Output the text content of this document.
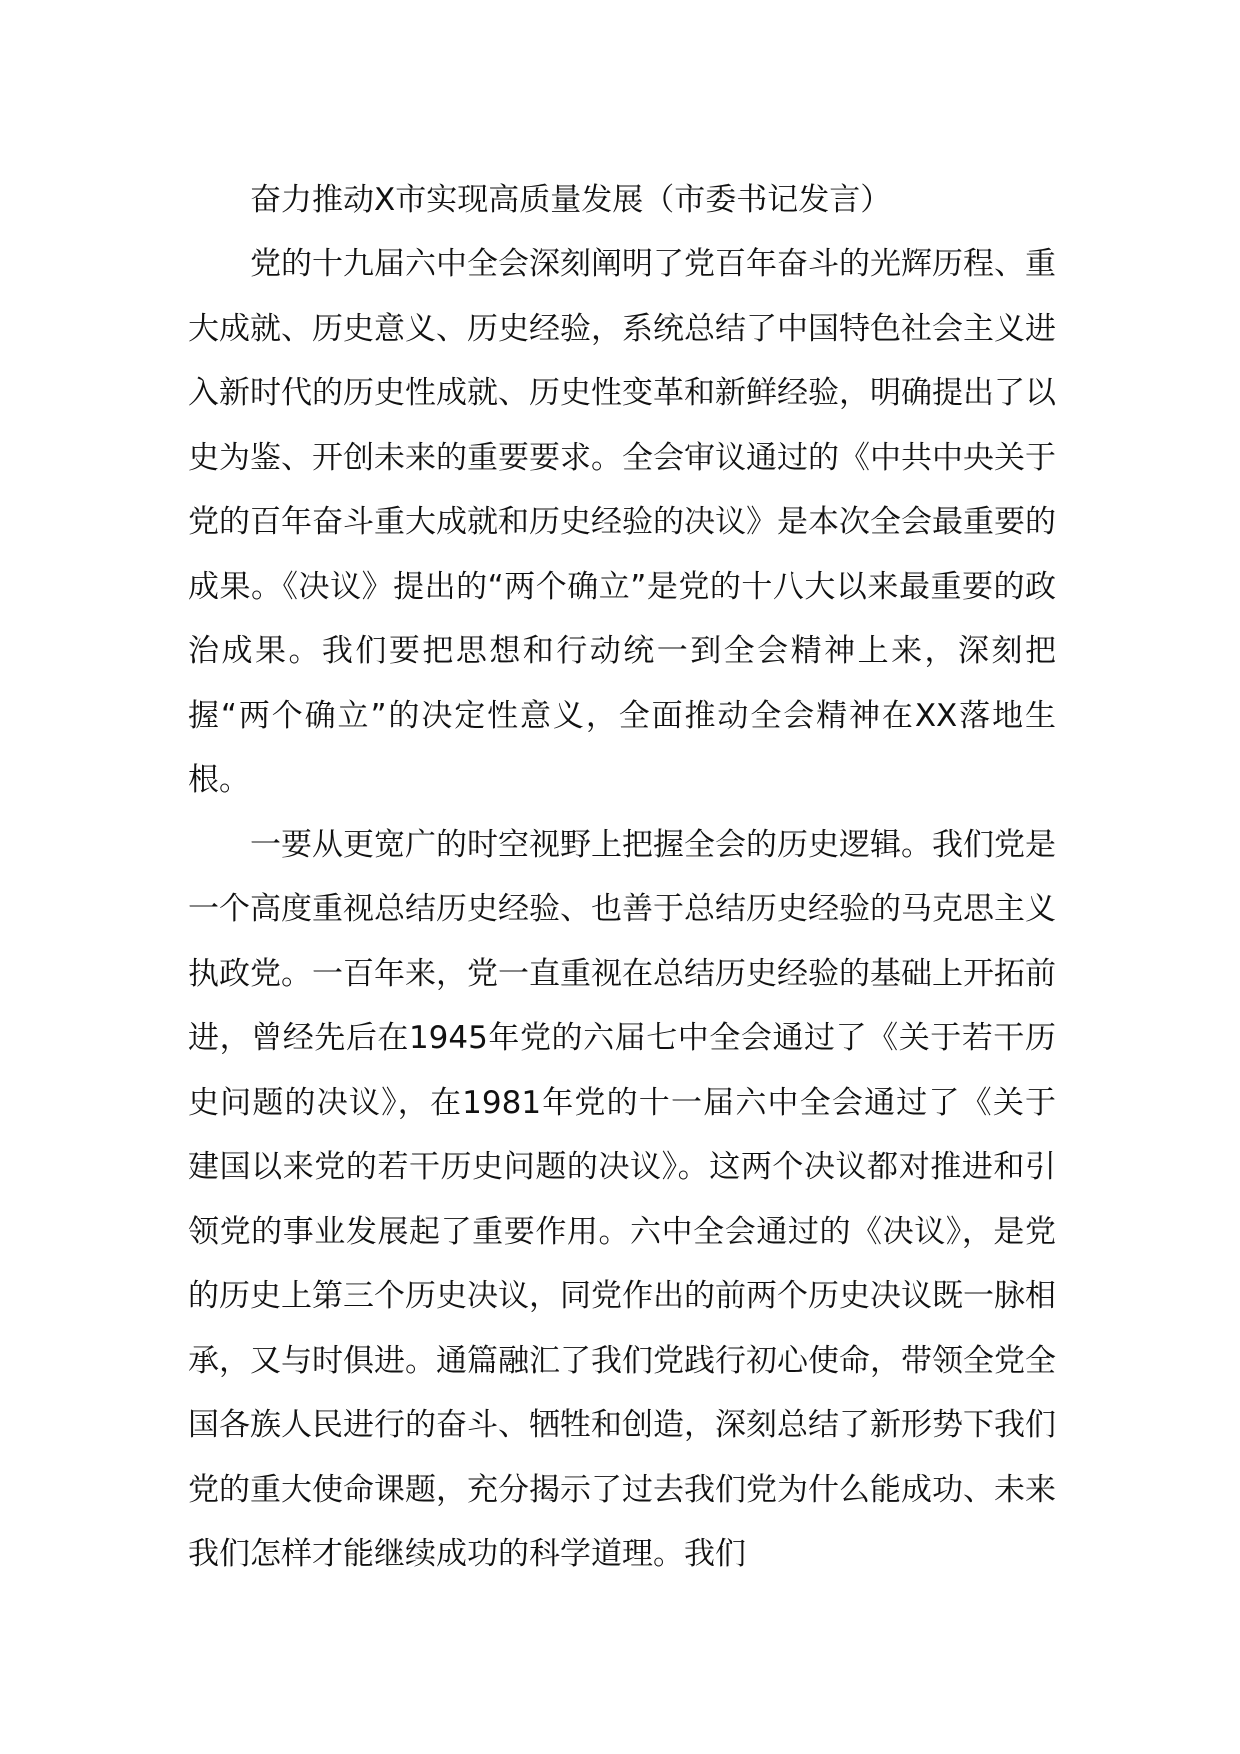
奋力推动X市实现高质量发展（市委书记发言）

党的十九届六中全会深刻阐明了党百年奋斗的光辉历程、重大成就、历史意义、历史经验，系统总结了中国特色社会主义进入新时代的历史性成就、历史性变革和新鲜经验，明确提出了以史为鉴、开创未来的重要要求。全会审议通过的《中共中央关于党的百年奋斗重大成就和历史经验的决议》是本次全会最重要的成果。《决议》提出的“两个确立”是党的十八大以来最重要的政治成果。我们要把思想和行动统一到全会精神上来，深刻把握“两个确立”的决定性意义，全面推动全会精神在XX落地生根。

一要从更宽广的时空视野上把握全会的历史逻辑。我们党是一个高度重视总结历史经验、也善于总结历史经验的马克思主义执政党。一百年来，党一直重视在总结历史经验的基础上开拓前进，曾经先后在1945年党的六届七中全会通过了《关于若干历史问题的决议》，在1981年党的十一届六中全会通过了《关于建国以来党的若干历史问题的决议》。这两个决议都对推进和引领党的事业发展起了重要作用。六中全会通过的《决议》，是党的历史上第三个历史决议，同党作出的前两个历史决议既一脉相承，又与时俱进。通篇融汇了我们党践行初心使命，带领全党全国各族人民进行的奋斗、牺牲和创造，深刻总结了新形势下我们党的重大使命课题，充分揭示了过去我们党为什么能成功、未来我们怎样才能继续成功的科学道理。我们
